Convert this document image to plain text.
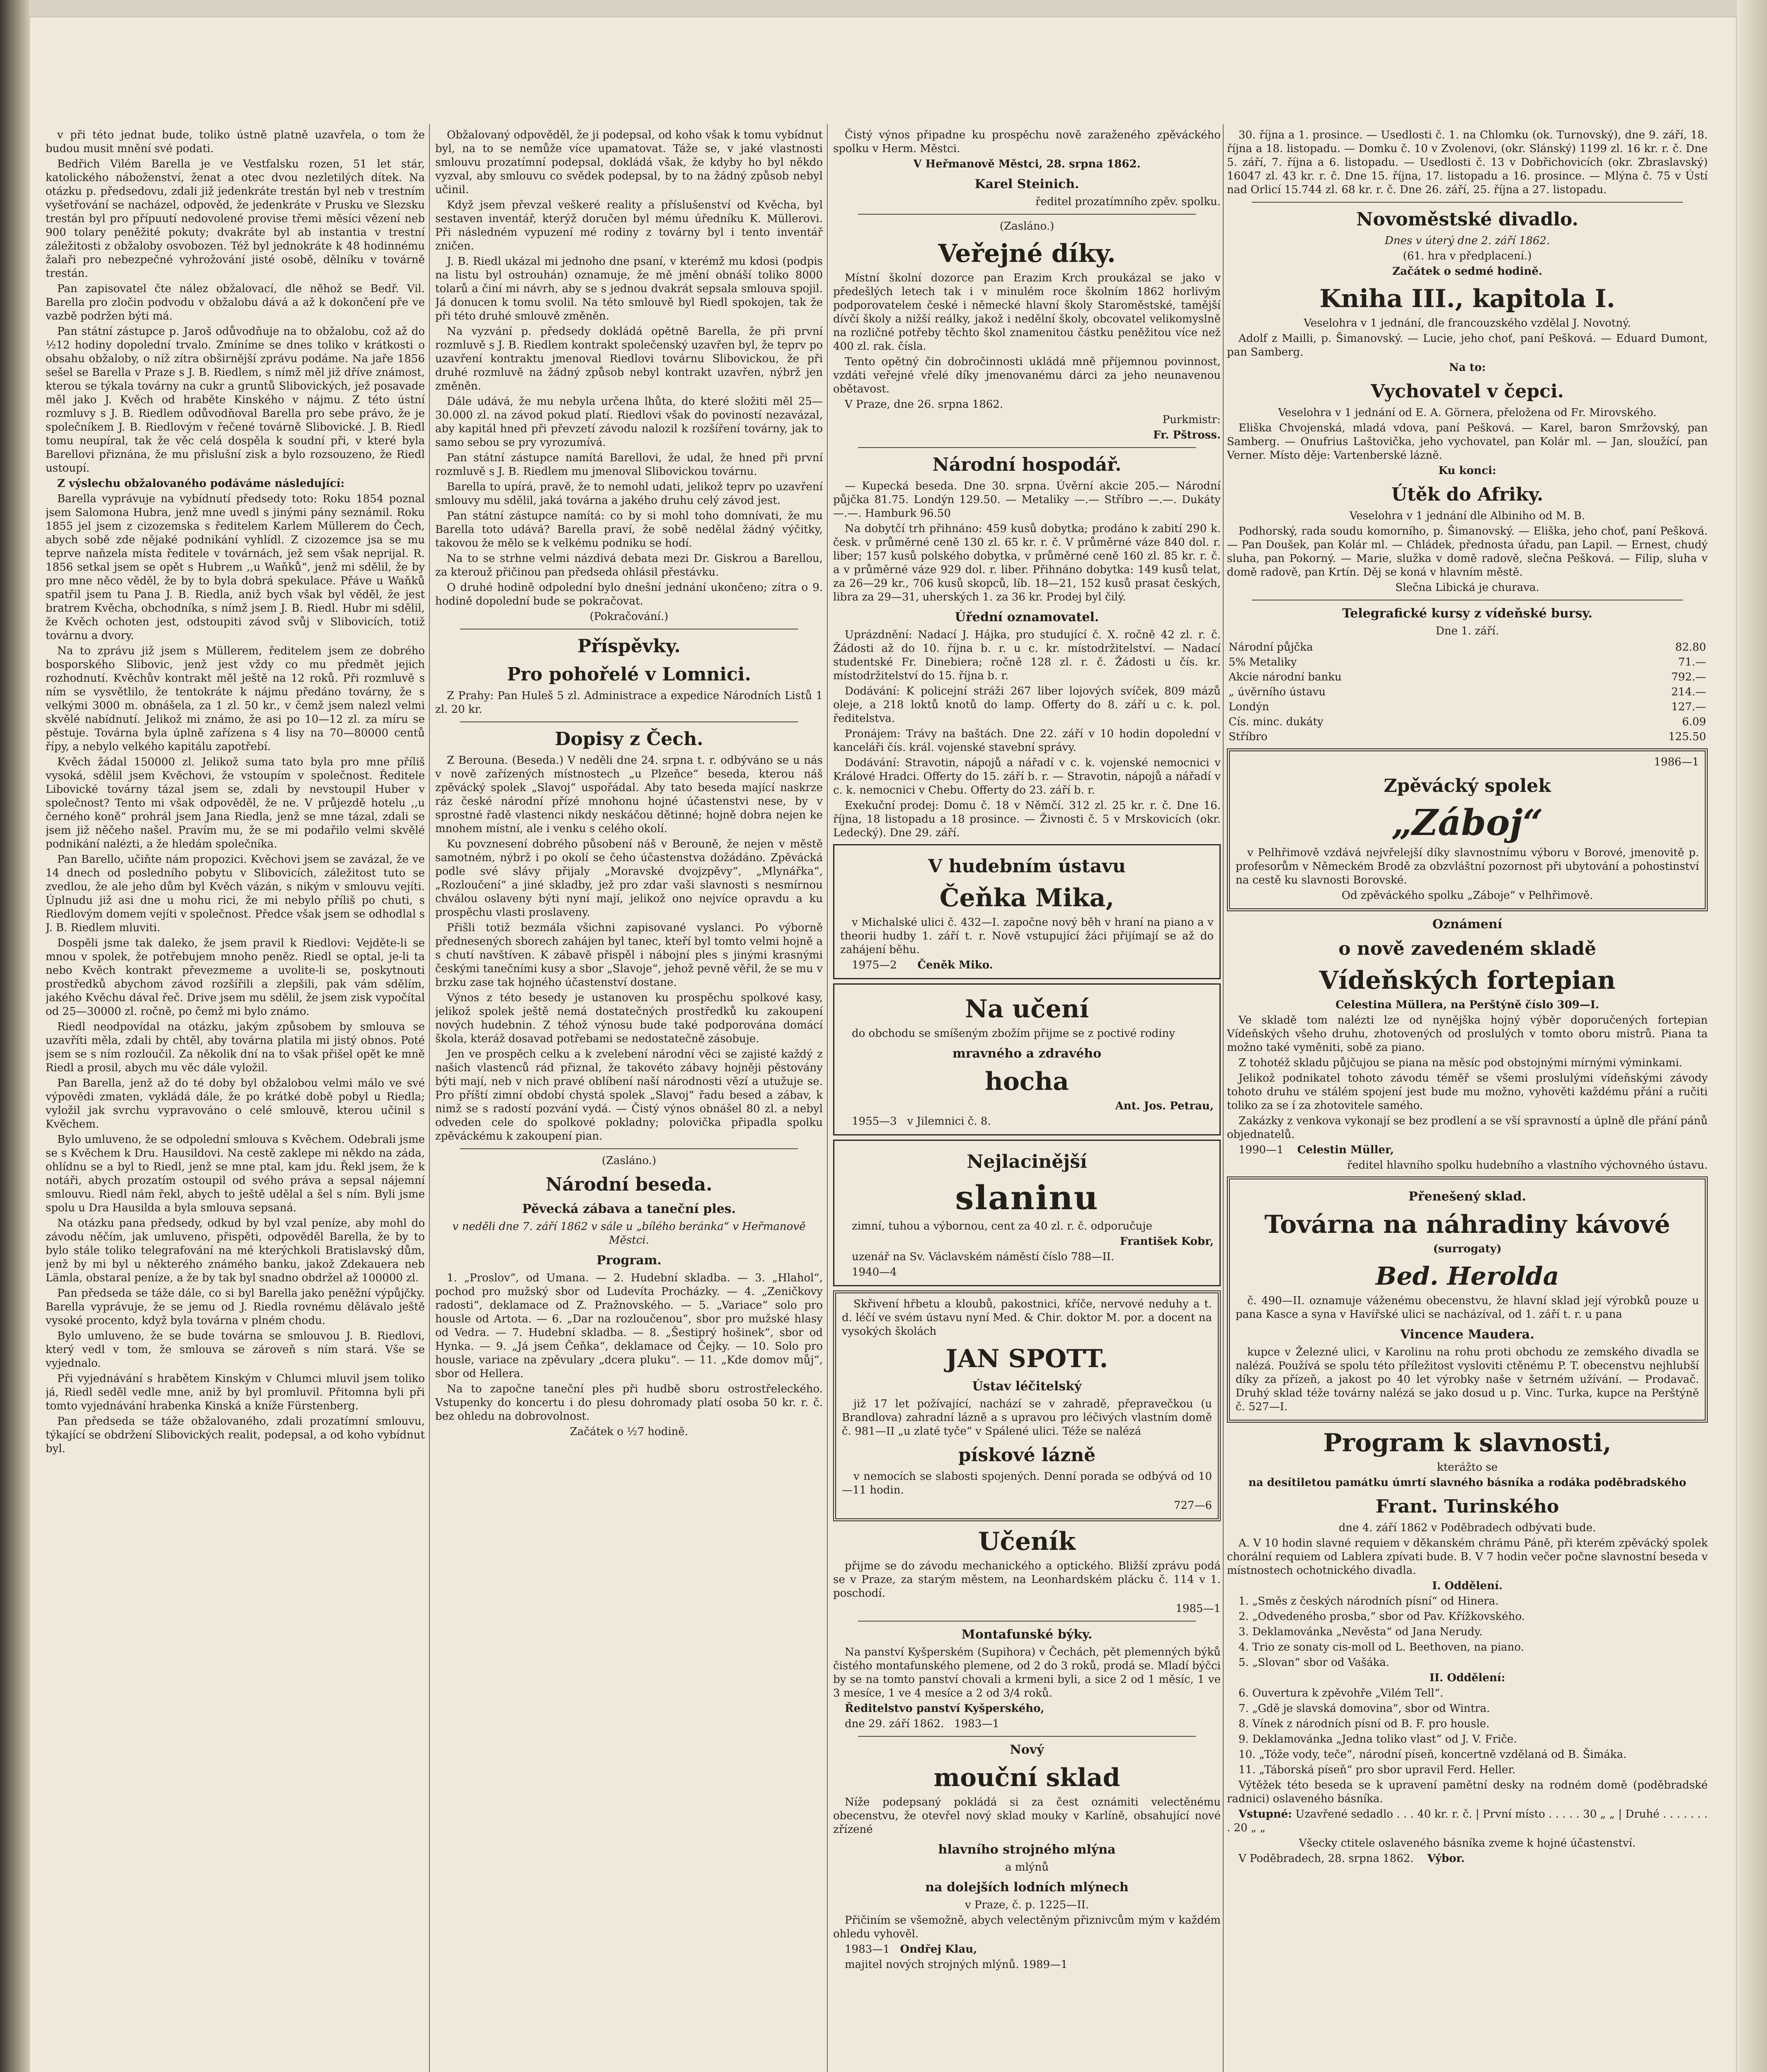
v při této jednat bude, toliko ústně platně uzavřela, o tom že budou musit mnění své podati.

Bedřich Vilém Barella je ve Vestfalsku rozen, 51 let stár, katolického náboženství, ženat a otec dvou nezletilých dítek. Na otázku p. předsedovu, zdali již jedenkráte trestán byl neb v trestním vyšetřování se nacházel, odpověd, že jedenkráte v Prusku ve Slezsku trestán byl pro přípuutí nedovolené provise třemi měsíci vězení neb 900 tolary peněžité pokuty; dvakráte byl ab instantia v trestní záležitosti z obžaloby osvobozen. Též byl jednokráte k 48 hodinnému žalaři pro nebezpečné vyhrožování jisté osobě, dělníku v továrně trestán.

Pan zapisovatel čte nález obžalovací, dle něhož se Bedř. Vil. Barella pro zločin podvodu v obžalobu dává a až k dokončení pře ve vazbě podržen býti má.

Pan státní zástupce p. Jaroš odůvodňuje na to obžalobu, což až do ½12 hodiny dopolední trvalo. Zmíníme se dnes toliko v krátkosti o obsahu obžaloby, o níž zítra obširnější zprávu podáme. Na jaře 1856 sešel se Barella v Praze s J. B. Riedlem, s nímž měl již dříve známost, kterou se týkala továrny na cukr a gruntů Slibovických, jež posavade měl jako J. Kvěch od hraběte Kinského v nájmu. Z této ústní rozmluvy s J. B. Riedlem odůvodňoval Barella pro sebe právo, že je společníkem J. B. Riedlovým v řečené továrně Slibovické. J. B. Riedl tomu neupíral, tak že věc celá dospěla k soudní při, v které byla Barellovi přiznána, že mu přislušní zisk a bylo rozsouzeno, že Riedl ustoupí.

Z výslechu obžalovaného podáváme následující:

Barella vyprávuje na vybídnutí předsedy toto: Roku 1854 poznal jsem Salomona Hubra, jenž mne uvedl s jinými pány seznámil. Roku 1855 jel jsem z cizozemska s ředitelem Karlem Müllerem do Čech, abych sobě zde nějaké podnikání vyhlídl. Z cizozemce jsa se mu teprve naňzela místa ředitele v továrnách, jež sem však neprijal. R. 1856 setkal jsem se opět s Hubrem ,,u Waňků“, jenž mi sdělil, že by pro mne něco věděl, že by to byla dobrá spekulace. Přáve u Waňků spatřil jsem tu Pana J. B. Riedla, aniž bych však byl věděl, že jest bratrem Kvěcha, obchodníka, s nímž jsem J. B. Riedl. Hubr mi sdělil, že Kvěch ochoten jest, odstoupiti závod svůj v Slibovicích, totiž továrnu a dvory.

Na to zprávu již jsem s Müllerem, ředitelem jsem ze dobrého bosporského Slibovic, jenž jest vždy co mu předmět jejich rozhodnutí. Kvěchův kontrakt měl ještě na 12 roků. Při rozmluvě s ním se vysvětlilo, že tentokráte k nájmu předáno továrny, že s velkými 3000 m. obnášela, za 1 zl. 50 kr., v čemž jsem nalezl velmi skvělé nabídnutí. Jelikož mi známo, že asi po 10—12 zl. za míru se pěstuje. Továrna byla úplně zařízena s 4 lisy na 70—80000 centů řípy, a nebylo velkého kapitálu zapotřebí.

Kvěch žádal 150000 zl. Jelikož suma tato byla pro mne příliš vysoká, sdělil jsem Kvěchovi, že vstoupím v společnost. Ředitele Libovické továrny tázal jsem se, zdali by nevstoupil Huber v společnost? Tento mi však odpověděl, že ne. V průjezdě hotelu ,,u černého koně“ prohrál jsem Jana Riedla, jenž se mne tázal, zdali se jsem již něčeho našel. Pravím mu, že se mi podařilo velmi skvělé podnikání nalézti, a že hledám společníka.

Pan Barello, učiňte nám propozici. Kvěchovi jsem se zavázal, že ve 14 dnech od posledního pobytu v Slibovicích, záležitost tuto se zvedlou, že ale jeho dům byl Kvěch vázán, s nikým v smlouvu vejíti. Úplnudu již asi dne u mohu rici, že mi nebylo příliš po chuti, s Riedlovým domem vejíti v společnost. Předce však jsem se odhodlal s J. B. Riedlem mluviti.

Dospěli jsme tak daleko, že jsem pravil k Riedlovi: Vejděte-li se mnou v spolek, že potřebujem mnoho peněz. Riedl se optal, je-li ta nebo Kvěch kontrakt převezmeme a uvolite-li se, poskytnouti prostředků abychom závod rozšířili a zlepšili, pak vám sdělím, jakého Kvěchu dával řeč. Drive jsem mu sdělil, že jsem zisk vypočítal od 25—30000 zl. ročně, po čemž mi bylo známo.

Riedl neodpovídal na otázku, jakým způsobem by smlouva se uzavříti měla, zdali by chtěl, aby továrna platila mi jistý obnos. Poté jsem se s ním rozloučil. Za několik dní na to však přišel opět ke mně Riedl a prosil, abych mu věc dále vyložil.

Pan Barella, jenž až do té doby byl obžalobou velmi málo ve své výpovědi zmaten, vykládá dále, že po krátké době pobyl u Riedla; vyložil jak svrchu vypravováno o celé smlouvě, kterou učinil s Kvěchem.

Bylo umluveno, že se odpolední smlouva s Kvěchem. Odebrali jsme se s Kvěchem k Dru. Hausildovi. Na cestě zaklepe mi někdo na záda, ohlídnu se a byl to Riedl, jenž se mne ptal, kam jdu. Řekl jsem, že k notáři, abych prozatím ostoupil od svého práva a sepsal nájemní smlouvu. Riedl nám řekl, abych to ještě udělal a šel s ním. Byli jsme spolu u Dra Hausilda a byla smlouva sepsaná.

Na otázku pana předsedy, odkud by byl vzal peníze, aby mohl do závodu něčím, jak umluveno, přispěti, odpověděl Barella, že by to bylo stále toliko telegrafování na mé kterýchkoli Bratislavský dům, jenž by mi byl u některého známého banku, jakož Zdekauera neb Lämla, obstaral peníze, a že by tak byl snadno obdržel až 100000 zl.

Pan předseda se táže dále, co si byl Barella jako peněžní výpůjčky. Barella vyprávuje, že se jemu od J. Riedla rovnému dělávalo ještě vysoké procento, když byla továrna v plném chodu.

Bylo umluveno, že se bude továrna se smlouvou J. B. Riedlovi, který vedl v tom, že smlouva se zároveň s ním stará. Vše se vyjednalo.

Při vyjednávání s hrabětem Kinským v Chlumci mluvil jsem toliko já, Riedl seděl vedle mne, aniž by byl promluvil. Přitomna byli při tomto vyjednávání hrabenka Kinská a kníže Fürstenberg.

Pan předseda se táže obžalovaného, zdali prozatímní smlouvu, týkající se obdržení Slibovických realit, podepsal, a od koho vybídnut byl.

Obžalovaný odpověděl, že ji podepsal, od koho však k tomu vybídnut byl, na to se nemůže více upamatovat. Táže se, v jaké vlastnosti smlouvu prozatímní podepsal, dokládá však, že kdyby ho byl někdo vyzval, aby smlouvu co svědek podepsal, by to na žádný způsob nebyl učinil.

Když jsem převzal veškeré reality a příslušenství od Kvěcha, byl sestaven inventář, kterýž doručen byl mému úředníku K. Müllerovi. Při následném vypuzení mé rodiny z továrny byl i tento inventář zničen.

J. B. Riedl ukázal mi jednoho dne psaní, v kterémž mu kdosi (podpis na listu byl ostrouhán) oznamuje, že mě jmění obnáší toliko 8000 tolarů a činí mi návrh, aby se s jednou dvakrát sepsala smlouva spojil. Já donucen k tomu svolil. Na této smlouvě byl Riedl spokojen, tak že při této druhé smlouvě změněn.

Na vyzvání p. předsedy dokládá opětně Barella, že při první rozmluvě s J. B. Riedlem kontrakt společenský uzavřen byl, že teprv po uzavření kontraktu jmenoval Riedlovi továrnu Slibovickou, že při druhé rozmluvě na žádný způsob nebyl kontrakt uzavřen, nýbrž jen změněn.

Dále udává, že mu nebyla určena lhůta, do které složiti měl 25—30.000 zl. na závod pokud platí. Riedlovi však do poviností nezavázal, aby kapitál hned při převzetí závodu nalozil k rozšíření továrny, jak to samo sebou se pry vyrozumívá.

Pan státní zástupce namítá Barellovi, že udal, že hned při první rozmluvě s J. B. Riedlem mu jmenoval Slibovickou továrnu.

Barella to upírá, pravě, že to nemohl udati, jelikož teprv po uzavření smlouvy mu sdělil, jaká továrna a jakého druhu celý závod jest.

Pan státní zástupce namítá: co by si mohl toho domnívati, že mu Barella toto udává? Barella praví, že sobě nedělal žádný výčitky, takovou že mělo se k velkému podniku se hodí.

Na to se strhne velmi názdivá debata mezi Dr. Giskrou a Barellou, za kterouž přičinou pan předseda ohlásil přestávku.

O druhé hodině odpolední bylo dnešní jednání ukončeno; zítra o 9. hodině dopolední bude se pokračovat.

(Pokračování.)

Příspěvky.
Pro pohořelé v Lomnici.

Z Prahy: Pan Huleš 5 zl. Administrace a expedice Národních Listů 1 zl. 20 kr.

Dopisy z Čech.

Z Berouna. (Beseda.) V neděli dne 24. srpna t. r. odbýváno se u nás v nově zařízených místnostech „u Plzeňce“ beseda, kterou náš zpěvácký spolek „Slavoj“ uspořádal. Aby tato beseda mající naskrze ráz české národní přízé mnohonu hojné účastenstvi nese, by v sprostné řadě vlastenci nikdy neskáčou dětinné; hojně dobra nejen ke mnohem místní, ale i venku s celého okolí.

Ku povznesení dobrého působení náš v Berouně, že nejen v městě samotném, nýbrž i po okolí se čeho účastenstva dožádáno. Zpěvácká podle své slávy přijaly „Moravské dvojzpěvy“, „Mlynářka“, „Rozloučení“ a jiné skladby, jež pro zdar vaši slavnosti s nesmírnou chválou oslaveny býti nyní mají, jelikož ono nejvíce opravdu a ku prospěchu vlasti proslaveny.

Přišli totiž bezmála všichni zapisované vyslanci. Po výborně přednesených sborech zahájen byl tanec, kteří byl tomto velmi hojně a s chutí navštíven. K zábavě přispěl i nábojní ples s jinými krasnými českými tanečními kusy a sbor „Slavoje“, jehož pevně věřil, že se mu v brzku zase tak hojného účastenství dostane.

Výnos z této besedy je ustanoven ku prospěchu spolkové kasy, jelikož spolek ještě nemá dostatečných prostředků ku zakoupení nových hudebnin. Z téhož výnosu bude také podporována domácí škola, kteráž dosavad potřebami se nedostatečně zásobuje.

Jen ve prospěch celku a k zvelebení národní věci se zajisté každý z našich vlastenců rád přiznal, že takovéto zábavy hojněji pěstovány býti mají, neb v nich pravé oblíbení naší národnosti vězí a utužuje se. Pro příští zimní období chystá spolek „Slavoj“ řadu besed a zábav, k nimž se s radostí pozvání vydá. — Čistý výnos obnášel 80 zl. a nebyl odveden cele do spolkové pokladny; polovička připadla spolku zpěváckému k zakoupení pian.

(Zasláno.)

Národní beseda.
Pěvecká zábava a taneční ples.

v neděli dne 7. září 1862 v sále u „bílého beránka“ v Heřmanově Městci.

Program.

1. „Proslov“, od Umana. — 2. Hudební skladba. — 3. „Hlahol“, pochod pro mužský sbor od Ludevíta Procházky. — 4. „Zeničkovy radosti“, deklamace od Z. Pražnovského. — 5. „Variace“ solo pro housle od Artota. — 6. „Dar na rozloučenou“, sbor pro mužské hlasy od Vedra. — 7. Hudební skladba. — 8. „Šestiprý hošinek“, sbor od Hynka. — 9. „Já jsem Čeňka“, deklamace od Čejky. — 10. Solo pro housle, variace na zpěvulary „dcera pluku“. — 11. „Kde domov můj“, sbor od Hellera.

Na to započne taneční ples při hudbě sboru ostrostřeleckého. Vstupenky do koncertu i do plesu dohromady platí osoba 50 kr. r. č. bez ohledu na dobrovolnost.

Začátek o ½7 hodině.

Čistý výnos připadne ku prospěchu nově zaraženého zpěváckého spolku v Herm. Městci.

V Heřmanově Městci, 28. srpna 1862.

Karel Steinich.

ředitel prozatímního zpěv. spolku.

(Zasláno.)

Veřejné díky.

Místní školní dozorce pan Erazim Krch proukázal se jako v předešlých letech tak i v minulém roce školním 1862 horlivým podporovatelem české i německé hlavní školy Staroměstské, tamější dívčí školy a nižší reálky, jakož i nedělní školy, obcovatel velikomyslně na rozličné potřeby těchto škol znamenitou částku peněžitou více než 400 zl. rak. čísla.

Tento opětný čin dobročinnosti ukládá mně příjemnou povinnost, vzdáti veřejné vřelé díky jmenovanému dárci za jeho neunavenou obětavost.

V Praze, dne 26. srpna 1862.

Purkmistr:

Fr. Pštross.

Národní hospodář.

— Kupecká beseda. Dne 30. srpna. Úvěrní akcie 205.— Národní půjčka 81.75. Londýn 129.50. — Metaliky —.— Stříbro —.—. Dukáty —.—. Hamburk 96.50

Na dobytčí trh přihnáno: 459 kusů dobytka; prodáno k zabití 290 k. česk. v průměrné ceně 130 zl. 65 kr. r. č. V průměrné váze 840 dol. r. liber; 157 kusů polského dobytka, v průměrné ceně 160 zl. 85 kr. r. č. a v průměrné váze 929 dol. r. liber. Přihnáno dobytka: 149 kusů telat, za 26—29 kr., 706 kusů skopců, líb. 18—21, 152 kusů prasat českých, libra za 29—31, uherských 1. za 36 kr. Prodej byl čilý.

Úřední oznamovatel.

Uprázdnění: Nadací J. Hájka, pro studující č. X. ročně 42 zl. r. č. Žádosti až do 10. října b. r. u c. kr. místodržitelství. — Nadací studentské Fr. Dinebiera; ročně 128 zl. r. č. Žádosti u čís. kr. místodržitelství do 15. října b. r.

Dodávání: K policejní stráži 267 liber lojových svíček, 809 mázů oleje, a 218 loktů knotů do lamp. Offerty do 8. září u c. k. pol. ředitelstva.

Pronájem: Trávy na baštách. Dne 22. září v 10 hodin dopolední v kanceláři čís. král. vojenské stavební správy.

Dodávání: Stravotin, nápojů a nářadí v c. k. vojenské nemocnici v Králové Hradci. Offerty do 15. září b. r. — Stravotin, nápojů a nářadí v c. k. nemocnici v Chebu. Offerty do 23. září b. r.

Exekuční prodej: Domu č. 18 v Němčí. 312 zl. 25 kr. r. č. Dne 16. října, 18 listopadu a 18 prosince. — Živnosti č. 5 v Mrskovicích (okr. Ledecký). Dne 29. září.

V hudebním ústavu
Čeňka Mika,

v Michalské ulici č. 432—I. započne nový běh v hraní na piano a v theorii hudby 1. září t. r. Nově vstupující žáci přijímají se až do zahájení běhu.

1975—2 Čeněk Miko.

Na učení

do obchodu se smíšeným zbožím přijme se z poctivé rodiny

mravného a zdravého
hocha

Ant. Jos. Petrau,

1955—3 v Jilemnici č. 8.

Nejlacinější
slaninu

zimní, tuhou a výbornou, cent za 40 zl. r. č. odporučuje

František Kobr,

uzenář na Sv. Václavském náměstí číslo 788—II.

1940—4

Skřivení hřbetu a kloubů, pakostnici, kříče, nervové neduhy a t. d. léčí ve svém ústavu nyní Med. & Chir. doktor M. por. a docent na vysokých školách

JAN SPOTT.
Ústav léčitelský

již 17 let požívající, nachází se v zahradě, přepravečkou (u Brandlova) zahradní lázně a s upravou pro léčivých vlastním domě č. 981—II „u zlaté tyče“ v Spálené ulici. Téže se nalézá

pískové lázně

v nemocích se slabosti spojených. Denní porada se odbývá od 10—11 hodin.

727—6

Učeník

přijme se do závodu mechanického a optického. Bližší zprávu podá se v Praze, za starým městem, na Leonhardském plácku č. 114 v 1. poschodí.

1985—1

Montafunské býky.

Na panství Kyšperském (Supihora) v Čechách, pět plemenných býků čistého montafunského plemene, od 2 do 3 roků, prodá se. Mladí býčci by se na tomto panství chovali a krmeni byli, a sice 2 od 1 měsíc, 1 ve 3 mesíce, 1 ve 4 mesíce a 2 od 3/4 roků.

Ředitelstvo panství Kyšperského,

dne 29. září 1862. 1983—1

Nový
mouční sklad

Níže podepsaný pokládá si za čest oznámiti velectěnému obecenstvu, že otevřel nový sklad mouky v Karlíně, obsahující nové zřízené

hlavního strojného mlýna

a mlýnů

na dolejších lodních mlýnech

v Praze, č. p. 1225—II.

Přičiním se všemožně, abych velectěným přiznivcům mým v každém ohledu vyhověl.

1983—1 Ondřej Klau,

majitel nových strojných mlýnů. 1989—1

30. října a 1. prosince. — Usedlosti č. 1. na Chlomku (ok. Turnovský), dne 9. září, 18. října a 18. listopadu. — Domku č. 10 v Zvolenovi, (okr. Slánský) 1199 zl. 16 kr. r. č. Dne 5. září, 7. října a 6. listopadu. — Usedlosti č. 13 v Dobřichovicích (okr. Zbraslavský) 16047 zl. 43 kr. r. č. Dne 15. října, 17. listopadu a 16. prosince. — Mlýna č. 75 v Ústí nad Orlicí 15.744 zl. 68 kr. r. č. Dne 26. září, 25. října a 27. listopadu.

Novoměstské divadlo.

Dnes v úterý dne 2. září 1862.

(61. hra v předplacení.)

Začátek o sedmé hodině.

Kniha III., kapitola I.

Veselohra v 1 jednání, dle francouzského vzdělal J. Novotný.

Adolf z Mailli, p. Šimanovský. — Lucie, jeho choť, paní Pešková. — Eduard Dumont, pan Samberg.

Na to:

Vychovatel v čepci.

Veselohra v 1 jednání od E. A. Görnera, přeložena od Fr. Mirovského.

Eliška Chvojenská, mladá vdova, paní Pešková. — Karel, baron Smržovský, pan Samberg. — Onufrius Laštovička, jeho vychovatel, pan Kolár ml. — Jan, sloužící, pan Verner. Místo děje: Vartenberské lázně.

Ku konci:

Útěk do Afriky.

Veselohra v 1 jednání dle Albiniho od M. B.

Podhorský, rada soudu komorního, p. Šimanovský. — Eliška, jeho choť, paní Pešková. — Pan Doušek, pan Kolár ml. — Chládek, přednosta úřadu, pan Lapil. — Ernest, chudý sluha, pan Pokorný. — Marie, služka v domě radově, slečna Pešková. — Filip, sluha v domě radově, pan Krtín. Děj se koná v hlavním městě.

Slečna Libická je churava.

Telegrafické kursy z vídeňské bursy.

Dne 1. září.

Národní půjčka	82.80
5% Metaliky	71.—
Akcie národní banku	792.—
„ úvěrního ústavu	214.—
Londýn	127.—
Cís. minc. dukáty	6.09
Stříbro	125.50

1986—1

Zpěvácký spolek
„Záboj“

v Pelhřimově vzdává nejvřelejší díky slavnostnímu výboru v Borové, jmenovitě p. profesorům v Německém Brodě za obzvláštní pozornost při ubytování a pohostinství na cestě ku slavnosti Borovské.

Od zpěváckého spolku „Záboje“ v Pelhřimově.

Oznámení
o nově zavedeném skladě
Vídeňských fortepian

Celestina Müllera, na Perštýně číslo 309—I.

Ve skladě tom nalézti lze od nynějška hojný výběr doporučených fortepian Vídeňských všeho druhu, zhotovených od proslulých v tomto oboru mistrů. Piana ta možno také vyměniti, sobě za piano.

Z tohotéž skladu půjčujou se piana na měsíc pod obstojnými mírnými výminkami.

Jelikož podnikatel tohoto závodu téměř se všemi proslulými vídeňskými závody tohoto druhu ve stálém spojení jest bude mu možno, vyhověti každému přání a ručiti toliko za se í za zhotovitele samého.

Zakázky z venkova vykonají se bez prodlení a se vší spravností a úplně dle přání pánů objednatelů.

1990—1 Celestin Müller,

ředitel hlavního spolku hudebního a vlastního výchovného ústavu.

Přenešený sklad.
Továrna na náhradiny kávové

(surrogaty)

Bed. Herolda

č. 490—II. oznamuje váženému obecenstvu, že hlavní sklad její výrobků pouze u pana Kasce a syna v Havířské ulici se nacházíval, od 1. září t. r. u pana

Vincence Maudera.

kupce v Železné ulici, v Karolinu na rohu proti obchodu ze zemského divadla se nalézá. Používá se spolu této příležitost vysloviti ctěnému P. T. obecenstvu nejhlubší díky za přízeň, a jakost po 40 let výrobky naše v šetrném užívání. — Prodavač. Druhý sklad téže továrny nalézá se jako dosud u p. Vinc. Turka, kupce na Perštýně č. 527—I.

Program k slavnosti,

kterážto se

na desítiletou památku úmrtí slavného básníka a rodáka poděbradského

Frant. Turinského

dne 4. září 1862 v Poděbradech odbývati bude.

A. V 10 hodin slavné requiem v děkanském chrámu Páně, při kterém zpěvácký spolek chorální requiem od Lablera zpívati bude. B. V 7 hodin večer počne slavnostní beseda v místnostech ochotnického divadla.

I. Oddělení.

1. „Směs z českých národních písní“ od Hinera.

2. „Odvedeného prosba,“ sbor od Pav. Křížkovského.

3. Deklamovánka „Nevěsta“ od Jana Nerudy.

4. Trio ze sonaty cis-moll od L. Beethoven, na piano.

5. „Slovan“ sbor od Vašáka.

II. Oddělení:

6. Ouvertura k zpěvohře „Vilém Tell“.

7. „Gdě je slavská domovina“, sbor od Wintra.

8. Vínek z národních písní od B. F. pro housle.

9. Deklamovánka „Jedna toliko vlast“ od J. V. Friče.

10. „Tóže vody, teče“, národní píseň, koncertně vzdělaná od B. Šimáka.

11. „Táborská píseň“ pro sbor upravil Ferd. Heller.

Výtěžek této beseda se k upravení pamětní desky na rodném domě (poděbradské radnici) oslaveného básníka.

Vstupné: Uzavřené sedadlo . . . 40 kr. r. č. | První místo . . . . . 30 „ „ | Druhé . . . . . . . . 20 „ „

Všecky ctitele oslaveného básníka zveme k hojné účastenství.

V Poděbradech, 28. srpna 1862. Výbor.
